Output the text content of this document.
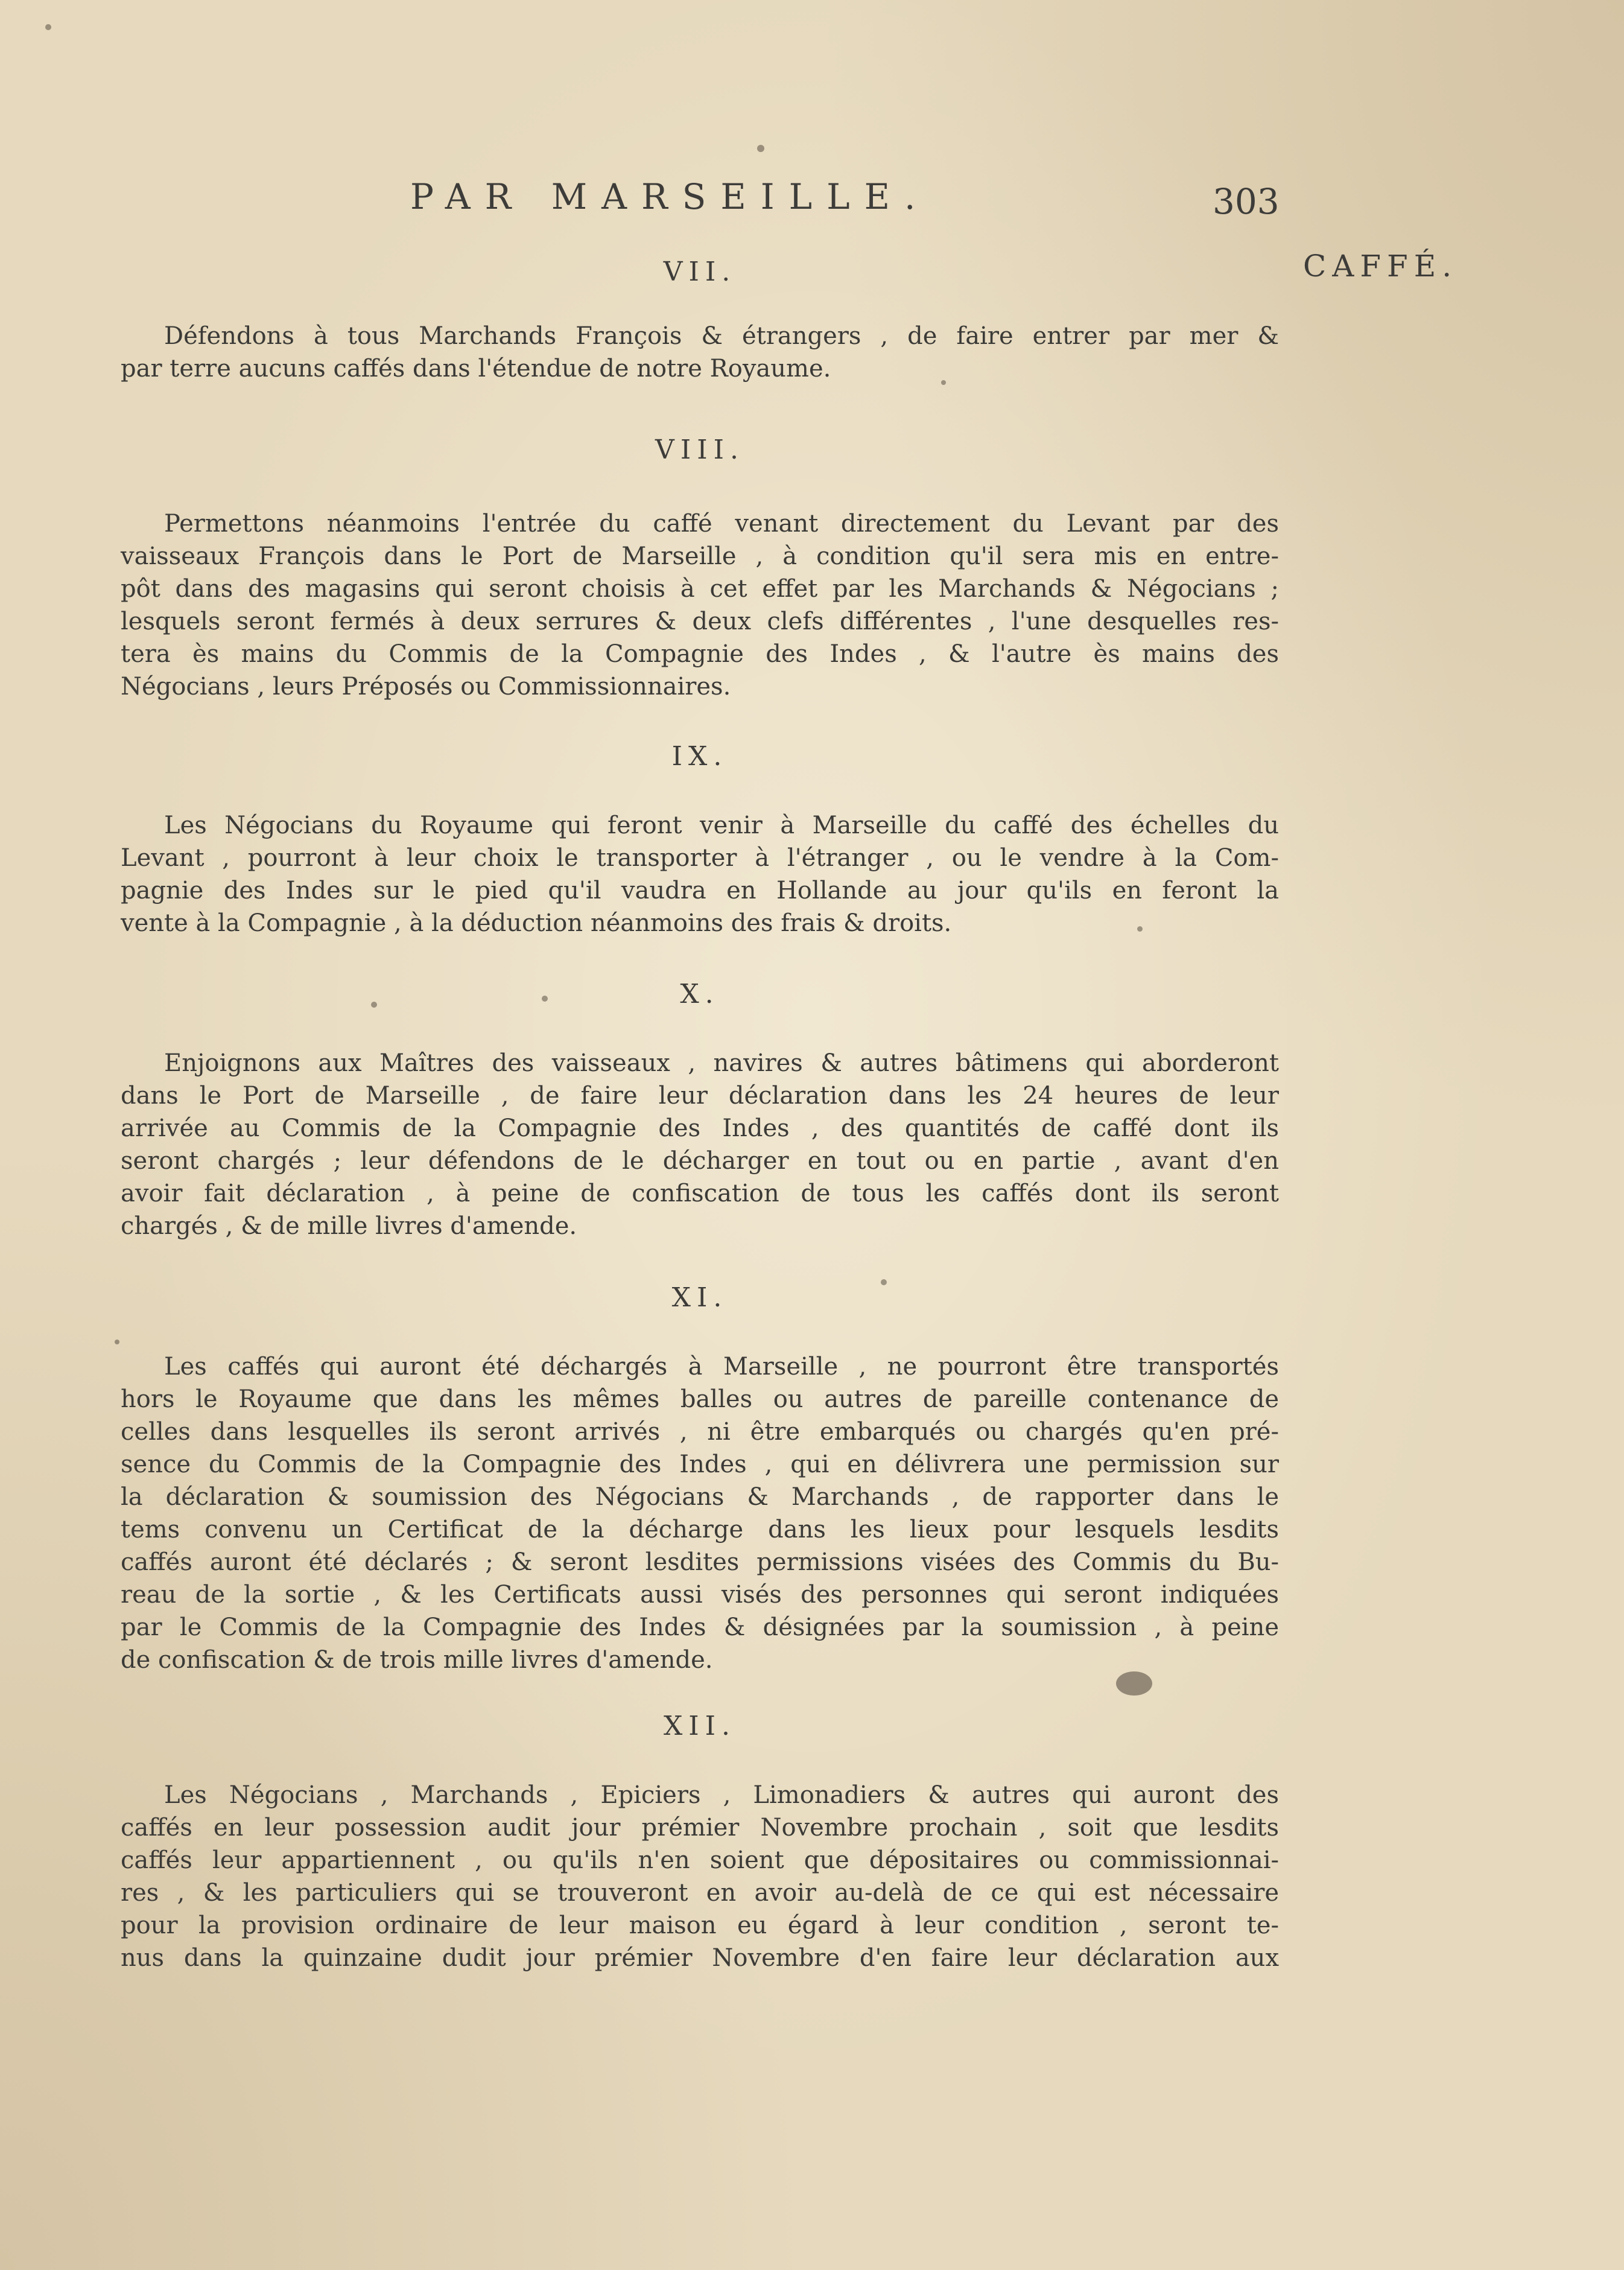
PAR MARSEILLE.	303
CAFFÉ.
VII.

Défendons à tous Marchands François & étrangers , de faire entrer par mer &
par terre aucuns caffés dans l'étendue de notre Royaume.

VIII.

Permettons néanmoins l'entrée du caffé venant directement du Levant par des
vaisseaux François dans le Port de Marseille , à condition qu'il sera mis en entre-
pôt dans des magasins qui seront choisis à cet effet par les Marchands & Négocians ;
lesquels seront fermés à deux serrures & deux clefs différentes , l'une desquelles res-
tera ès mains du Commis de la Compagnie des Indes , & l'autre ès mains des
Négocians , leurs Préposés ou Commissionnaires.

IX.

Les Négocians du Royaume qui feront venir à Marseille du caffé des échelles du
Levant , pourront à leur choix le transporter à l'étranger , ou le vendre à la Com-
pagnie des Indes sur le pied qu'il vaudra en Hollande au jour qu'ils en feront la
vente à la Compagnie , à la déduction néanmoins des frais & droits.

X.

Enjoignons aux Maîtres des vaisseaux , navires & autres bâtimens qui aborderont
dans le Port de Marseille , de faire leur déclaration dans les 24 heures de leur
arrivée au Commis de la Compagnie des Indes , des quantités de caffé dont ils
seront chargés ; leur défendons de le décharger en tout ou en partie , avant d'en
avoir fait déclaration , à peine de confiscation de tous les caffés dont ils seront
chargés , & de mille livres d'amende.

XI.

Les caffés qui auront été déchargés à Marseille , ne pourront être transportés
hors le Royaume que dans les mêmes balles ou autres de pareille contenance de
celles dans lesquelles ils seront arrivés , ni être embarqués ou chargés qu'en pré-
sence du Commis de la Compagnie des Indes , qui en délivrera une permission sur
la déclaration & soumission des Négocians & Marchands , de rapporter dans le
tems convenu un Certificat de la décharge dans les lieux pour lesquels lesdits
caffés auront été déclarés ; & seront lesdites permissions visées des Commis du Bu-
reau de la sortie , & les Certificats aussi visés des personnes qui seront indiquées
par le Commis de la Compagnie des Indes & désignées par la soumission , à peine
de confiscation & de trois mille livres d'amende.

XII.

Les Négocians , Marchands , Epiciers , Limonadiers & autres qui auront des
caffés en leur possession audit jour prémier Novembre prochain , soit que lesdits
caffés leur appartiennent , ou qu'ils n'en soient que dépositaires ou commissionnai-
res , & les particuliers qui se trouveront en avoir au-delà de ce qui est nécessaire
pour la provision ordinaire de leur maison eu égard à leur condition , seront te-
nus dans la quinzaine dudit jour prémier Novembre d'en faire leur déclaration aux
